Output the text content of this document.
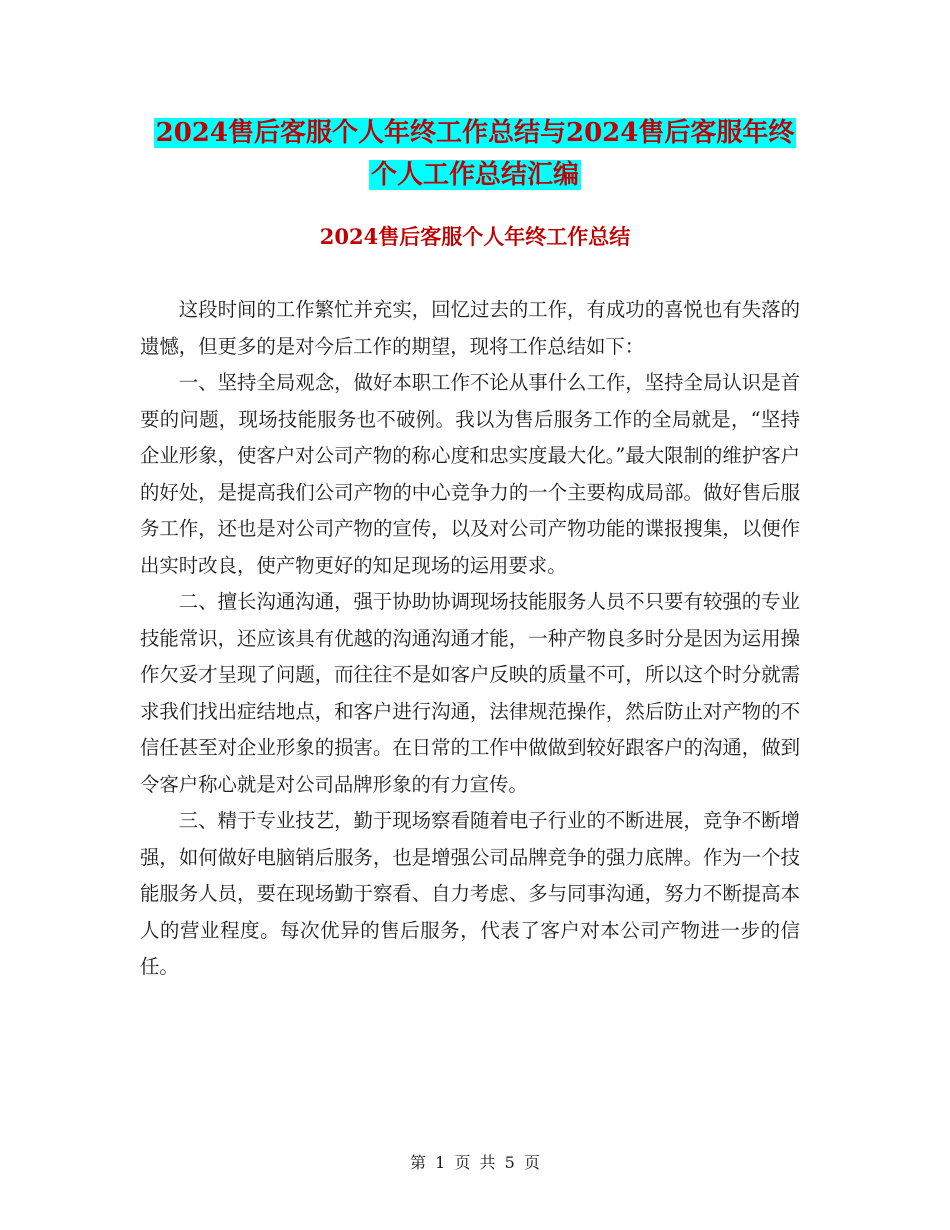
2024售后客服个人年终工作总结与2024售后客服年终
个人工作总结汇编
2024售后客服个人年终工作总结

这段时间的工作繁忙并充实，回忆过去的工作，有成功的喜悦也有失落的遗憾，但更多的是对今后工作的期望，现将工作总结如下：

一、坚持全局观念，做好本职工作不论从事什么工作，坚持全局认识是首要的问题，现场技能服务也不破例。我以为售后服务工作的全局就是，“坚持企业形象，使客户对公司产物的称心度和忠实度最大化。”最大限制的维护客户的好处，是提高我们公司产物的中心竞争力的一个主要构成局部。做好售后服务工作，还也是对公司产物的宣传，以及对公司产物功能的谍报搜集，以便作出实时改良，使产物更好的知足现场的运用要求。

二、擅长沟通沟通，强于协助协调现场技能服务人员不只要有较强的专业技能常识，还应该具有优越的沟通沟通才能，一种产物良多时分是因为运用操作欠妥才呈现了问题，而往往不是如客户反映的质量不可，所以这个时分就需求我们找出症结地点，和客户进行沟通，法律规范操作，然后防止对产物的不信任甚至对企业形象的损害。在日常的工作中做做到较好跟客户的沟通，做到令客户称心就是对公司品牌形象的有力宣传。

三、精于专业技艺，勤于现场察看随着电子行业的不断进展，竞争不断增强，如何做好电脑销后服务，也是增强公司品牌竞争的强力底牌。作为一个技能服务人员，要在现场勤于察看、自力考虑、多与同事沟通，努力不断提高本人的营业程度。每次优异的售后服务，代表了客户对本公司产物进一步的信任。

第 1 页 共 5 页
